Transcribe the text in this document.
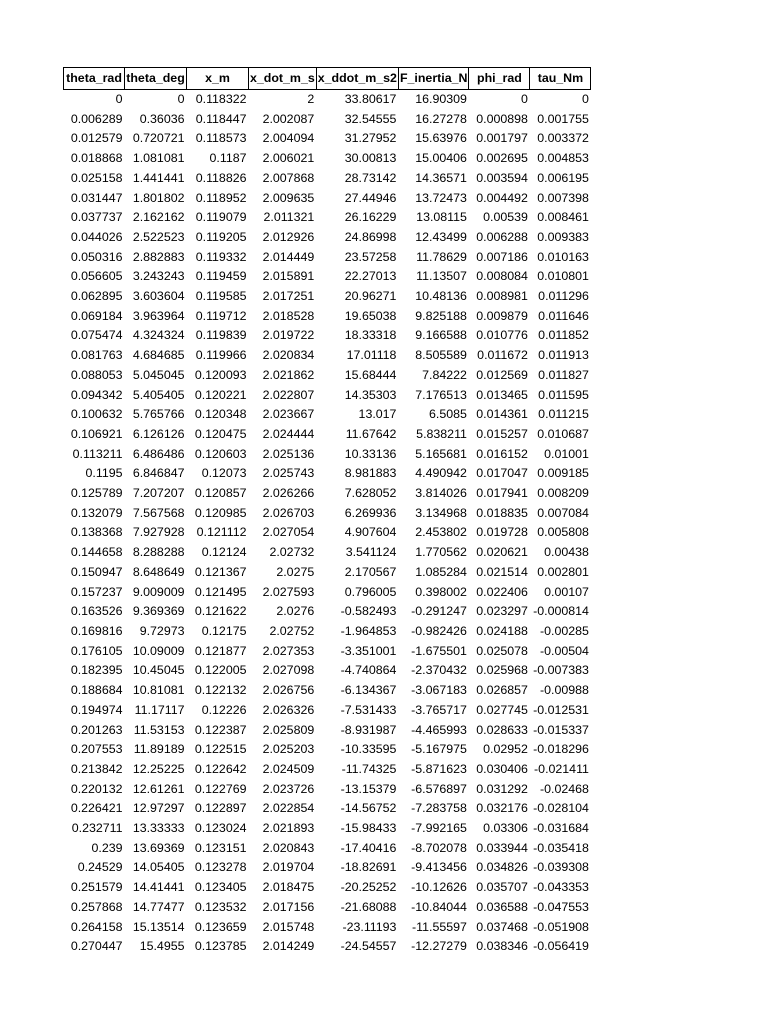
theta_rad	theta_deg	x_m	x_dot_m_s	x_ddot_m_s2	F_inertia_N	phi_rad	tau_Nm
0	0	0.118322	2	33.80617	16.90309	0	0
0.006289	0.36036	0.118447	2.002087	32.54555	16.27278	0.000898	0.001755
0.012579	0.720721	0.118573	2.004094	31.27952	15.63976	0.001797	0.003372
0.018868	1.081081	0.1187	2.006021	30.00813	15.00406	0.002695	0.004853
0.025158	1.441441	0.118826	2.007868	28.73142	14.36571	0.003594	0.006195
0.031447	1.801802	0.118952	2.009635	27.44946	13.72473	0.004492	0.007398
0.037737	2.162162	0.119079	2.011321	26.16229	13.08115	0.00539	0.008461
0.044026	2.522523	0.119205	2.012926	24.86998	12.43499	0.006288	0.009383
0.050316	2.882883	0.119332	2.014449	23.57258	11.78629	0.007186	0.010163
0.056605	3.243243	0.119459	2.015891	22.27013	11.13507	0.008084	0.010801
0.062895	3.603604	0.119585	2.017251	20.96271	10.48136	0.008981	0.011296
0.069184	3.963964	0.119712	2.018528	19.65038	9.825188	0.009879	0.011646
0.075474	4.324324	0.119839	2.019722	18.33318	9.166588	0.010776	0.011852
0.081763	4.684685	0.119966	2.020834	17.01118	8.505589	0.011672	0.011913
0.088053	5.045045	0.120093	2.021862	15.68444	7.84222	0.012569	0.011827
0.094342	5.405405	0.120221	2.022807	14.35303	7.176513	0.013465	0.011595
0.100632	5.765766	0.120348	2.023667	13.017	6.5085	0.014361	0.011215
0.106921	6.126126	0.120475	2.024444	11.67642	5.838211	0.015257	0.010687
0.113211	6.486486	0.120603	2.025136	10.33136	5.165681	0.016152	0.01001
0.1195	6.846847	0.12073	2.025743	8.981883	4.490942	0.017047	0.009185
0.125789	7.207207	0.120857	2.026266	7.628052	3.814026	0.017941	0.008209
0.132079	7.567568	0.120985	2.026703	6.269936	3.134968	0.018835	0.007084
0.138368	7.927928	0.121112	2.027054	4.907604	2.453802	0.019728	0.005808
0.144658	8.288288	0.12124	2.02732	3.541124	1.770562	0.020621	0.00438
0.150947	8.648649	0.121367	2.0275	2.170567	1.085284	0.021514	0.002801
0.157237	9.009009	0.121495	2.027593	0.796005	0.398002	0.022406	0.00107
0.163526	9.369369	0.121622	2.0276	-0.582493	-0.291247	0.023297	-0.000814
0.169816	9.72973	0.12175	2.02752	-1.964853	-0.982426	0.024188	-0.00285
0.176105	10.09009	0.121877	2.027353	-3.351001	-1.675501	0.025078	-0.00504
0.182395	10.45045	0.122005	2.027098	-4.740864	-2.370432	0.025968	-0.007383
0.188684	10.81081	0.122132	2.026756	-6.134367	-3.067183	0.026857	-0.00988
0.194974	11.17117	0.12226	2.026326	-7.531433	-3.765717	0.027745	-0.012531
0.201263	11.53153	0.122387	2.025809	-8.931987	-4.465993	0.028633	-0.015337
0.207553	11.89189	0.122515	2.025203	-10.33595	-5.167975	0.02952	-0.018296
0.213842	12.25225	0.122642	2.024509	-11.74325	-5.871623	0.030406	-0.021411
0.220132	12.61261	0.122769	2.023726	-13.15379	-6.576897	0.031292	-0.02468
0.226421	12.97297	0.122897	2.022854	-14.56752	-7.283758	0.032176	-0.028104
0.232711	13.33333	0.123024	2.021893	-15.98433	-7.992165	0.03306	-0.031684
0.239	13.69369	0.123151	2.020843	-17.40416	-8.702078	0.033944	-0.035418
0.24529	14.05405	0.123278	2.019704	-18.82691	-9.413456	0.034826	-0.039308
0.251579	14.41441	0.123405	2.018475	-20.25252	-10.12626	0.035707	-0.043353
0.257868	14.77477	0.123532	2.017156	-21.68088	-10.84044	0.036588	-0.047553
0.264158	15.13514	0.123659	2.015748	-23.11193	-11.55597	0.037468	-0.051908
0.270447	15.4955	0.123785	2.014249	-24.54557	-12.27279	0.038346	-0.056419
